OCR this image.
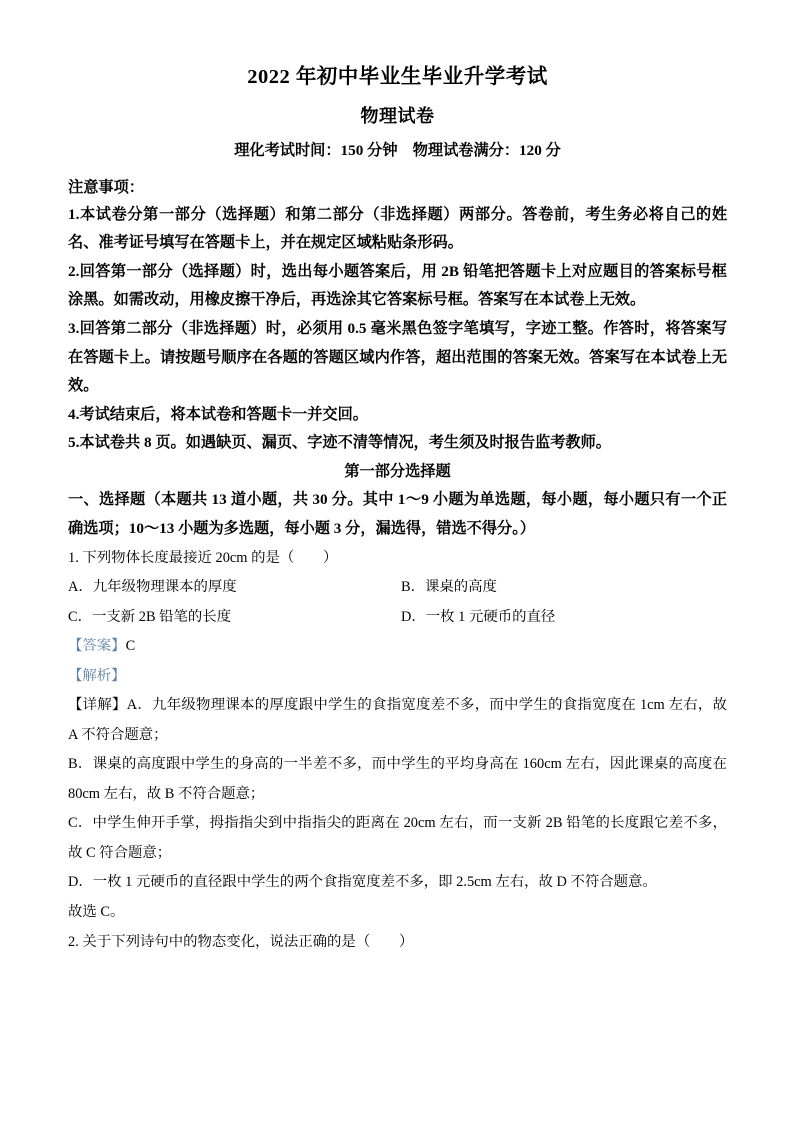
2022 年初中毕业生毕业升学考试
物理试卷

理化考试时间：150 分钟　物理试卷满分：120 分

注意事项：

1.本试卷分第一部分（选择题）和第二部分（非选择题）两部分。答卷前，考生务必将自己的姓名、准考证号填写在答题卡上，并在规定区域粘贴条形码。

2.回答第一部分（选择题）时，选出每小题答案后，用 2B 铅笔把答题卡上对应题目的答案标号框涂黑。如需改动，用橡皮擦干净后，再选涂其它答案标号框。答案写在本试卷上无效。

3.回答第二部分（非选择题）时，必须用 0.5 毫米黑色签字笔填写，字迹工整。作答时，将答案写在答题卡上。请按题号顺序在各题的答题区域内作答，超出范围的答案无效。答案写在本试卷上无效。

4.考试结束后，将本试卷和答题卡一并交回。

5.本试卷共 8 页。如遇缺页、漏页、字迹不清等情况，考生须及时报告监考教师。

第一部分选择题

一、选择题（本题共 13 道小题，共 30 分。其中 1～9 小题为单选题，每小题，每小题只有一个正确选项；10～13 小题为多选题，每小题 3 分，漏选得，错选不得分。）

1. 下列物体长度最接近 20cm 的是（　　）

A．九年级物理课本的厚度	B．课桌的高度
C．一支新 2B 铅笔的长度	D．一枚 1 元硬币的直径

【答案】C

【解析】

【详解】A．九年级物理课本的厚度跟中学生的食指宽度差不多，而中学生的食指宽度在 1cm 左右，故 A 不符合题意；

B．课桌的高度跟中学生的身高的一半差不多，而中学生的平均身高在 160cm 左右，因此课桌的高度在 80cm 左右，故 B 不符合题意；

C．中学生伸开手掌，拇指指尖到中指指尖的距离在 20cm 左右，而一支新 2B 铅笔的长度跟它差不多，故 C 符合题意；

D．一枚 1 元硬币的直径跟中学生的两个食指宽度差不多，即 2.5cm 左右，故 D 不符合题意。

故选 C。

2. 关于下列诗句中的物态变化，说法正确的是（　　）
